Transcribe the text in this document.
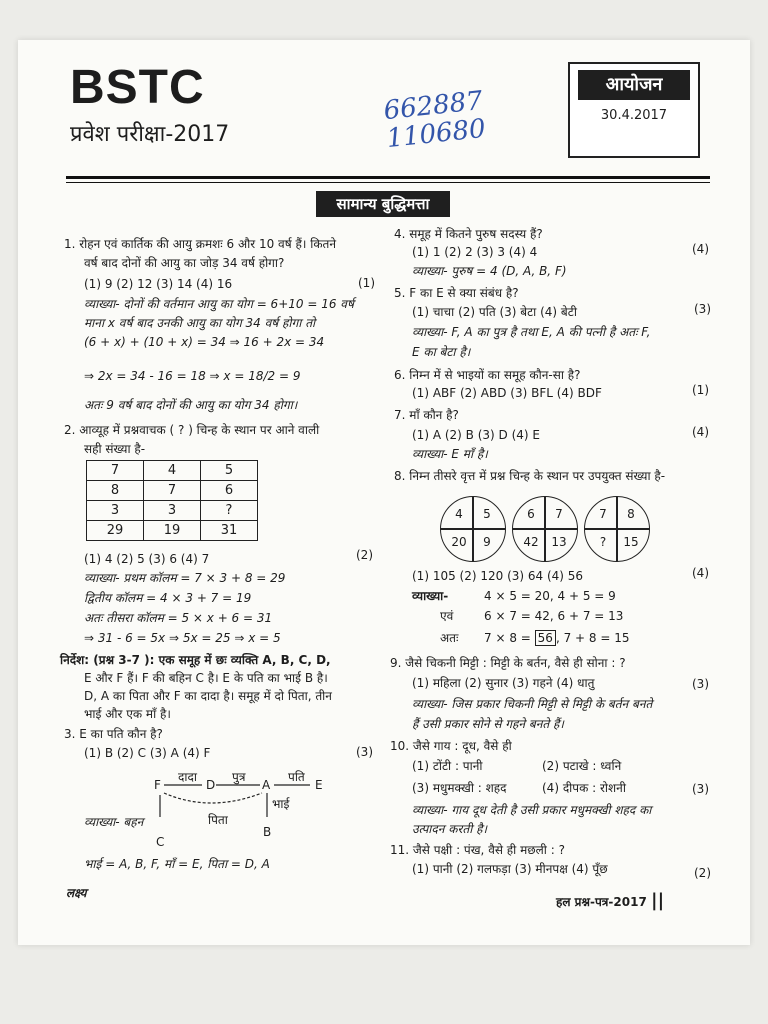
BSTC
प्रवेश परीक्षा-2017
662887
110680
आयोजन
30.4.2017
सामान्य बुद्धिमत्ता
1. रोहन एवं कार्तिक की आयु क्रमशः 6 और 10 वर्ष हैं। कितने
वर्ष बाद दोनों की आयु का जोड़ 34 वर्ष होगा?
(1) 9 (2) 12 (3) 14 (4) 16	(1)
व्याख्या- दोनों की वर्तमान आयु का योग = 6+10 = 16 वर्ष
माना x वर्ष बाद उनकी आयु का योग 34 वर्ष होगा तो
(6 + x) + (10 + x) = 34 ⇒ 16 + 2x = 34
⇒ 2x = 34 - 16 = 18 ⇒ x = 18/2 = 9
अतः 9 वर्ष बाद दोनों की आयु का योग 34 होगा।
2. आव्यूह में प्रश्नवाचक ( ? ) चिन्ह के स्थान पर आने वाली
सही संख्या है-
7	4	5
8	7	6
3	3	?
29	19	31
(1) 4 (2) 5 (3) 6 (4) 7	(2)
व्याख्या- प्रथम कॉलम = 7 × 3 + 8 = 29
द्वितीय कॉलम = 4 × 3 + 7 = 19
अतः तीसरा कॉलम = 5 × x + 6 = 31
⇒ 31 - 6 = 5x ⇒ 5x = 25 ⇒ x = 5
निर्देश: (प्रश्न 3-7 ): एक समूह में छः व्यक्ति A, B, C, D,
E और F हैं। F की बहिन C है। E के पति का भाई B है।
D, A का पिता और F का दादा है। समूह में दो पिता, तीन
भाई और एक माँ है।
3. E का पति कौन है?
(1) B (2) C (3) A (4) F	(3)
दादा	पुत्र	पति
F	D	A	E
भाई
पिता
व्याख्या- बहन
C
B
भाई = A, B, F, माँ = E, पिता = D, A
4. समूह में कितने पुरुष सदस्य हैं?
(1) 1 (2) 2 (3) 3 (4) 4	(4)
व्याख्या- पुरुष = 4 (D, A, B, F)
5. F का E से क्या संबंध है?
(1) चाचा (2) पति (3) बेटा (4) बेटी	(3)
व्याख्या- F, A का पुत्र है तथा E, A की पत्नी है अतः F,
E का बेटा है।
6. निम्न में से भाइयों का समूह कौन-सा है?
(1) ABF (2) ABD (3) BFL (4) BDF	(1)
7. माँ कौन है?
(1) A (2) B (3) D (4) E	(4)
व्याख्या- E माँ है।
8. निम्न तीसरे वृत्त में प्रश्न चिन्ह के स्थान पर उपयुक्त संख्या है-
4	5
20	9
6	7
42	13
7	8
?	15
(1) 105 (2) 120 (3) 64 (4) 56	(4)
व्याख्या-	4 × 5 = 20, 4 + 5 = 9
एवं	6 × 7 = 42, 6 + 7 = 13
अतः 7 × 8 = 56 , 7 + 8 = 15
9. जैसे चिकनी मिट्टी : मिट्टी के बर्तन, वैसे ही सोना : ?
(1) महिला (2) सुनार (3) गहने (4) धातु	(3)
व्याख्या- जिस प्रकार चिकनी मिट्टी से मिट्टी के बर्तन बनते
हैं उसी प्रकार सोने से गहने बनते हैं।
10. जैसे गाय : दूध, वैसे ही
(1) टोंटी : पानी	(2) पटाखे : ध्वनि
(3) मधुमक्खी : शहद	(4) दीपक : रोशनी	(3)
व्याख्या- गाय दूध देती है उसी प्रकार मधुमक्खी शहद का
उत्पादन करती है।
11. जैसे पक्षी : पंख, वैसे ही मछली : ?
(1) पानी (2) गलफड़ा (3) मीनपक्ष (4) पूँछ	(2)
लक्ष्य
हल प्रश्न-पत्र-2017 ||
